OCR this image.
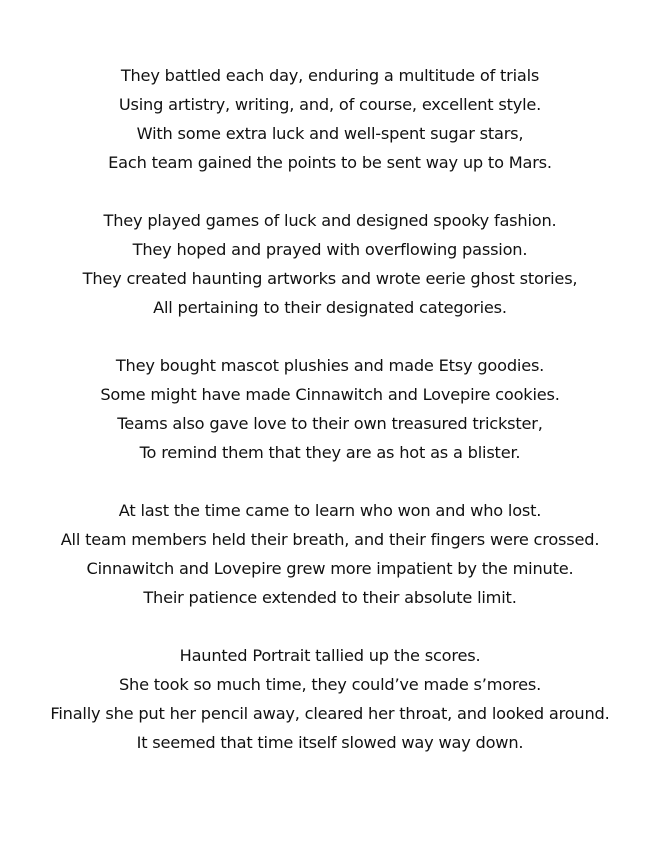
They battled each day, enduring a multitude of trials
Using artistry, writing, and, of course, excellent style.
With some extra luck and well-spent sugar stars,
Each team gained the points to be sent way up to Mars.
They played games of luck and designed spooky fashion.
They hoped and prayed with overflowing passion.
They created haunting artworks and wrote eerie ghost stories,
All pertaining to their designated categories.
They bought mascot plushies and made Etsy goodies.
Some might have made Cinnawitch and Lovepire cookies.
Teams also gave love to their own treasured trickster,
To remind them that they are as hot as a blister.
At last the time came to learn who won and who lost.
All team members held their breath, and their fingers were crossed.
Cinnawitch and Lovepire grew more impatient by the minute.
Their patience extended to their absolute limit.
Haunted Portrait tallied up the scores.
She took so much time, they could’ve made s’mores.
Finally she put her pencil away, cleared her throat, and looked around.
It seemed that time itself slowed way way down.
